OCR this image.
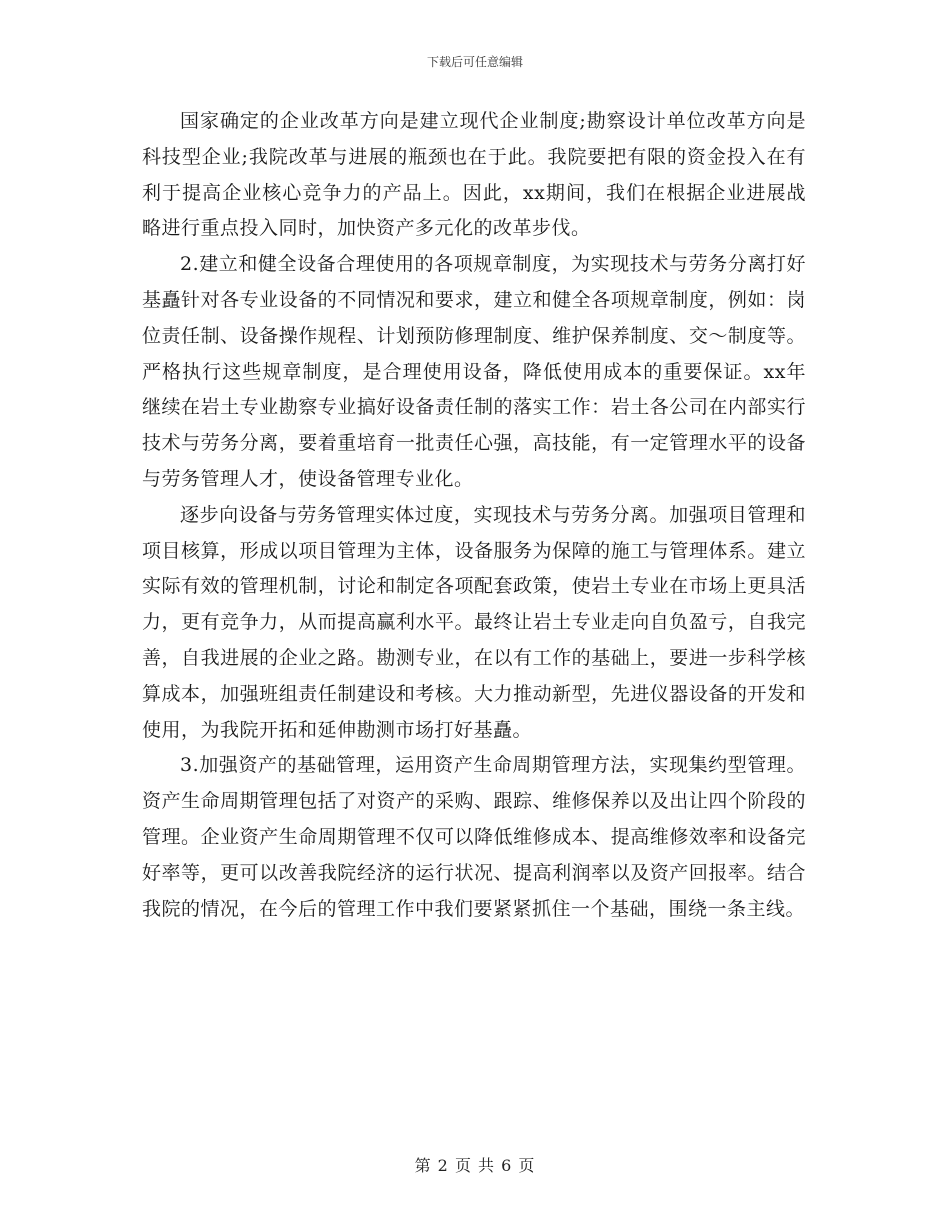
下载后可任意编辑

国家确定的企业改革方向是建立现代企业制度;勘察设计单位改革方向是科技型企业;我院改革与进展的瓶颈也在于此。我院要把有限的资金投入在有利于提高企业核心竞争力的产品上。因此，xx期间，我们在根据企业进展战略进行重点投入同时，加快资产多元化的改革步伐。

2.建立和健全设备合理使用的各项规章制度，为实现技术与劳务分离打好基矗针对各专业设备的不同情况和要求，建立和健全各项规章制度，例如：岗位责任制、设备操作规程、计划预防修理制度、维护保养制度、交～制度等。严格执行这些规章制度，是合理使用设备，降低使用成本的重要保证。xx年继续在岩土专业勘察专业搞好设备责任制的落实工作：岩土各公司在内部实行技术与劳务分离，要着重培育一批责任心强，高技能，有一定管理水平的设备与劳务管理人才，使设备管理专业化。

逐步向设备与劳务管理实体过度，实现技术与劳务分离。加强项目管理和项目核算，形成以项目管理为主体，设备服务为保障的施工与管理体系。建立实际有效的管理机制，讨论和制定各项配套政策，使岩土专业在市场上更具活力，更有竞争力，从而提高赢利水平。最终让岩土专业走向自负盈亏，自我完善，自我进展的企业之路。勘测专业，在以有工作的基础上，要进一步科学核算成本，加强班组责任制建设和考核。大力推动新型，先进仪器设备的开发和使用，为我院开拓和延伸勘测市场打好基矗。

3.加强资产的基础管理，运用资产生命周期管理方法，实现集约型管理。资产生命周期管理包括了对资产的采购、跟踪、维修保养以及出让四个阶段的管理。企业资产生命周期管理不仅可以降低维修成本、提高维修效率和设备完好率等，更可以改善我院经济的运行状况、提高利润率以及资产回报率。结合我院的情况，在今后的管理工作中我们要紧紧抓住一个基础，围绕一条主线。

第 2 页 共 6 页
